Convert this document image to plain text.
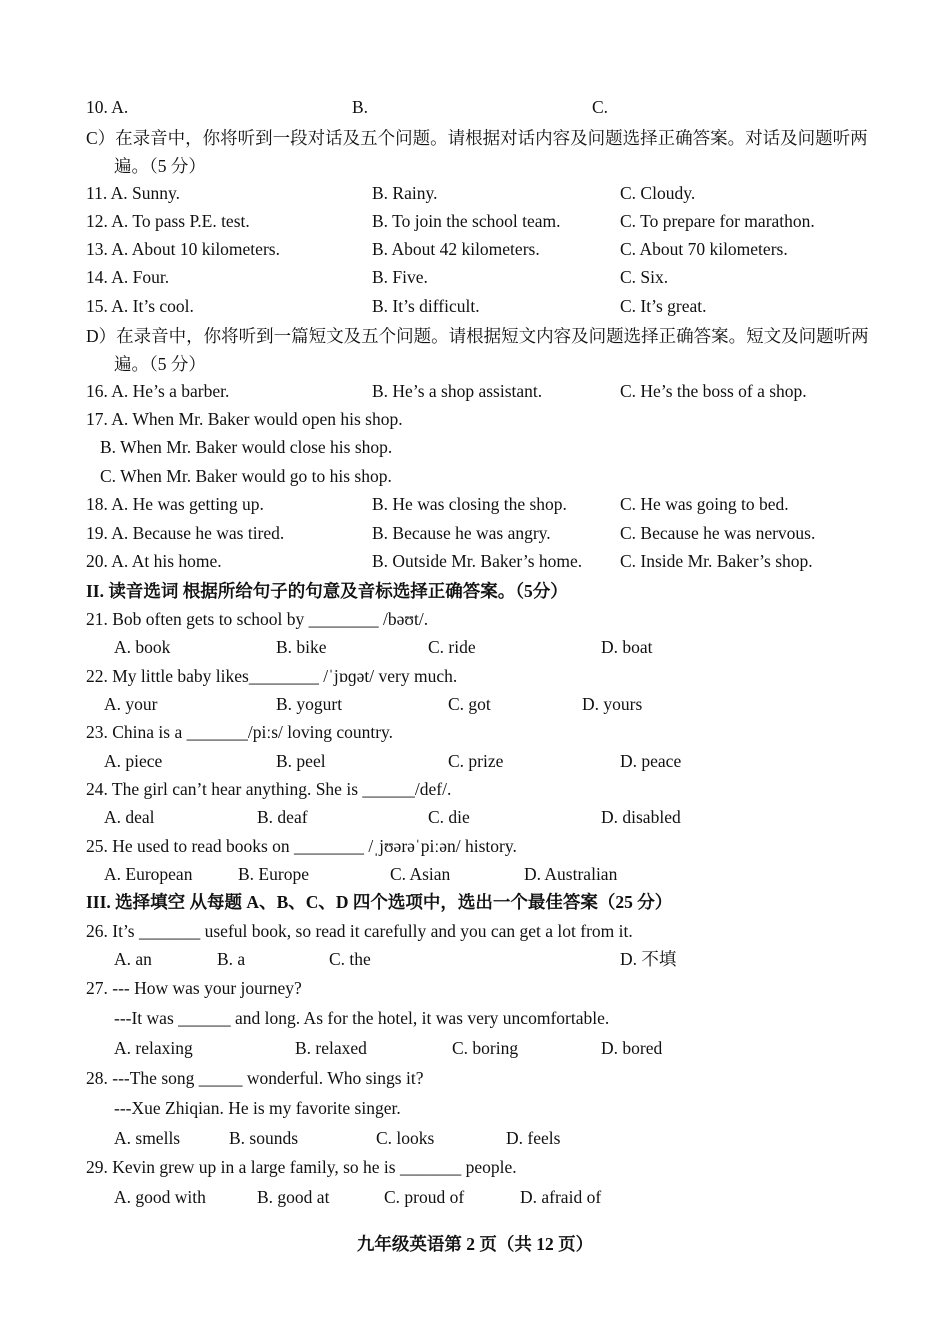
10. A.	B.	C.
C）在录音中，你将听到一段对话及五个问题。请根据对话内容及问题选择正确答案。对话及问题听两遍。（5 分）
11. A. Sunny.	B. Rainy.	C. Cloudy.
12. A. To pass P.E. test.	B. To join the school team.	C. To prepare for marathon.
13. A. About 10 kilometers.	B. About 42 kilometers.	C. About 70 kilometers.
14. A. Four.	B. Five.	C. Six.
15. A. It’s cool.	B. It’s difficult.	C. It’s great.
D）在录音中，你将听到一篇短文及五个问题。请根据短文内容及问题选择正确答案。短文及问题听两遍。（5 分）
16. A. He’s a barber.	B. He’s a shop assistant.	C. He’s the boss of a shop.
17. A. When Mr. Baker would open his shop.
B. When Mr. Baker would close his shop.
C. When Mr. Baker would go to his shop.
18. A. He was getting up.	B. He was closing the shop.	C. He was going to bed.
19. A. Because he was tired.	B. Because he was angry.	C. Because he was nervous.
20. A. At his home.	B. Outside Mr. Baker’s home. C. Inside Mr. Baker’s shop.
II. 读音选词 根据所给句子的句意及音标选择正确答案。（5分）
21. Bob often gets to school by ________ /bəʊt/.
A. book	B. bike	C. ride	D. boat
22. My little baby likes________ /ˈjɒɡət/ very much.
A. your	B. yogurt	C. got	D. yours
23. China is a _______/piːs/ loving country.
A. piece	B. peel	C. prize	D. peace
24. The girl can’t hear anything. She is ______/def/.
A. deal	B. deaf	C. die	D. disabled
25. He used to read books on ________ /ˌjʊərəˈpiːən/ history.
A. European	B. Europe	C. Asian	D. Australian
III. 选择填空 从每题 A、B、C、D 四个选项中，选出一个最佳答案（25 分）
26. It’s _______ useful book, so read it carefully and you can get a lot from it.
A. an	B. a	C. the	D. 不填
27. --- How was your journey?
---It was ______ and long. As for the hotel, it was very uncomfortable.
A. relaxing	B. relaxed	C. boring	D. bored
28. ---The song _____ wonderful. Who sings it?
---Xue Zhiqian. He is my favorite singer.
A. smells	B. sounds	C. looks	D. feels
29. Kevin grew up in a large family, so he is _______ people.
A. good with	B. good at	C. proud of	D. afraid of
九年级英语第 2 页（共 12 页）
